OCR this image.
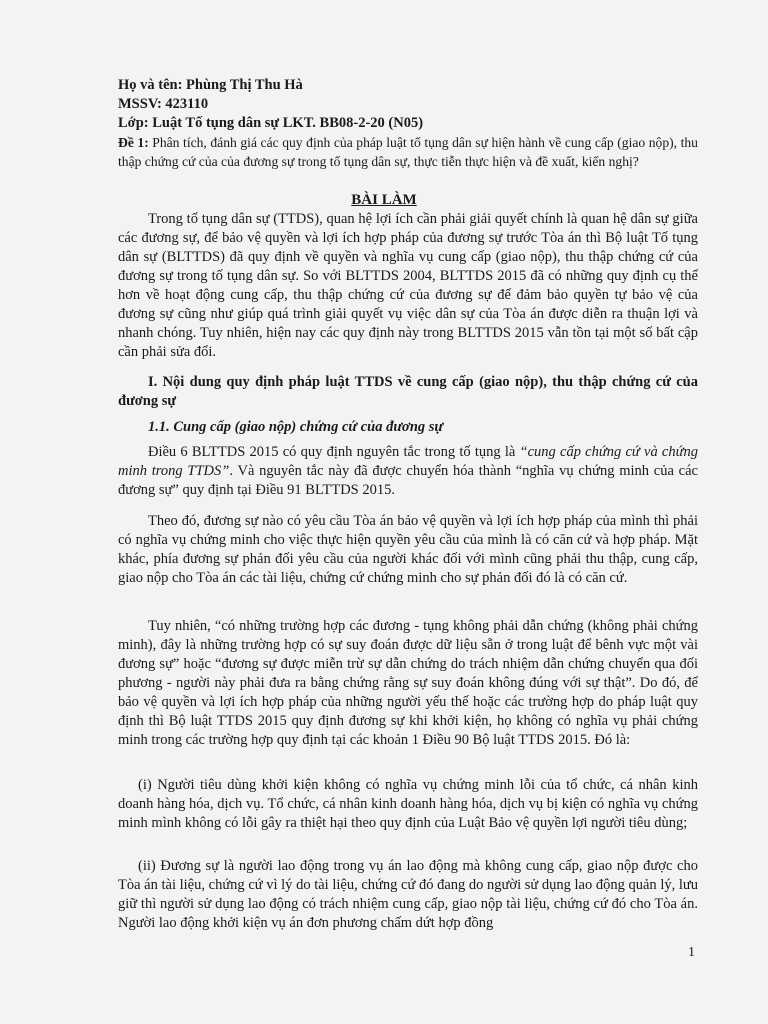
Họ và tên: Phùng Thị Thu Hà

MSSV: 423110

Lớp: Luật Tố tụng dân sự LKT. BB08-2-20 (N05)

Đề 1: Phân tích, đánh giá các quy định của pháp luật tố tụng dân sự hiện hành về cung cấp (giao nộp), thu thập chứng cứ của của đương sự trong tố tụng dân sự, thực tiễn thực hiện và đề xuất, kiến nghị?

BÀI LÀM

Trong tố tụng dân sự (TTDS), quan hệ lợi ích cần phải giải quyết chính là quan hệ dân sự giữa các đương sự, để bảo vệ quyền và lợi ích hợp pháp của đương sự trước Tòa án thì Bộ luật Tố tụng dân sự (BLTTDS) đã quy định về quyền và nghĩa vụ cung cấp (giao nộp), thu thập chứng cứ của đương sự trong tố tụng dân sự. So với BLTTDS 2004, BLTTDS 2015 đã có những quy định cụ thể hơn về hoạt động cung cấp, thu thập chứng cứ của đương sự để đảm bảo quyền tự bảo vệ của đương sự cũng như giúp quá trình giải quyết vụ việc dân sự của Tòa án được diễn ra thuận lợi và nhanh chóng. Tuy nhiên, hiện nay các quy định này trong BLTTDS 2015 vẫn tồn tại một số bất cập cần phải sửa đổi.

I. Nội dung quy định pháp luật TTDS về cung cấp (giao nộp), thu thập chứng cứ của đương sự

1.1. Cung cấp (giao nộp) chứng cứ của đương sự

Điều 6 BLTTDS 2015 có quy định nguyên tắc trong tố tụng là “cung cấp chứng cứ và chứng minh trong TTDS”. Và nguyên tắc này đã được chuyển hóa thành “nghĩa vụ chứng minh của các đương sự” quy định tại Điều 91 BLTTDS 2015.

Theo đó, đương sự nào có yêu cầu Tòa án bảo vệ quyền và lợi ích hợp pháp của mình thì phải có nghĩa vụ chứng minh cho việc thực hiện quyền yêu cầu của mình là có căn cứ và hợp pháp. Mặt khác, phía đương sự phản đối yêu cầu của người khác đối với mình cũng phải thu thập, cung cấp, giao nộp cho Tòa án các tài liệu, chứng cứ chứng minh cho sự phản đối đó là có căn cứ.

Tuy nhiên, “có những trường hợp các đương - tụng không phải dẫn chứng (không phải chứng minh), đây là những trường hợp có sự suy đoán được dữ liệu sẵn ở trong luật để bênh vực một vài đương sự” hoặc “đương sự được miễn trừ sự dẫn chứng do trách nhiệm dẫn chứng chuyển qua đối phương - người này phải đưa ra bằng chứng rằng sự suy đoán không đúng với sự thật”. Do đó, để bảo vệ quyền và lợi ích hợp pháp của những người yếu thế hoặc các trường hợp do pháp luật quy định thì Bộ luật TTDS 2015 quy định đương sự khi khởi kiện, họ không có nghĩa vụ phải chứng minh trong các trường hợp quy định tại các khoản 1 Điều 90 Bộ luật TTDS 2015. Đó là:

(i) Người tiêu dùng khởi kiện không có nghĩa vụ chứng minh lỗi của tổ chức, cá nhân kinh doanh hàng hóa, dịch vụ. Tổ chức, cá nhân kinh doanh hàng hóa, dịch vụ bị kiện có nghĩa vụ chứng minh mình không có lỗi gây ra thiệt hại theo quy định của Luật Bảo vệ quyền lợi người tiêu dùng;

(ii) Đương sự là người lao động trong vụ án lao động mà không cung cấp, giao nộp được cho Tòa án tài liệu, chứng cứ vì lý do tài liệu, chứng cứ đó đang do người sử dụng lao động quản lý, lưu giữ thì người sử dụng lao động có trách nhiệm cung cấp, giao nộp tài liệu, chứng cứ đó cho Tòa án. Người lao động khởi kiện vụ án đơn phương chấm dứt hợp đồng

1
